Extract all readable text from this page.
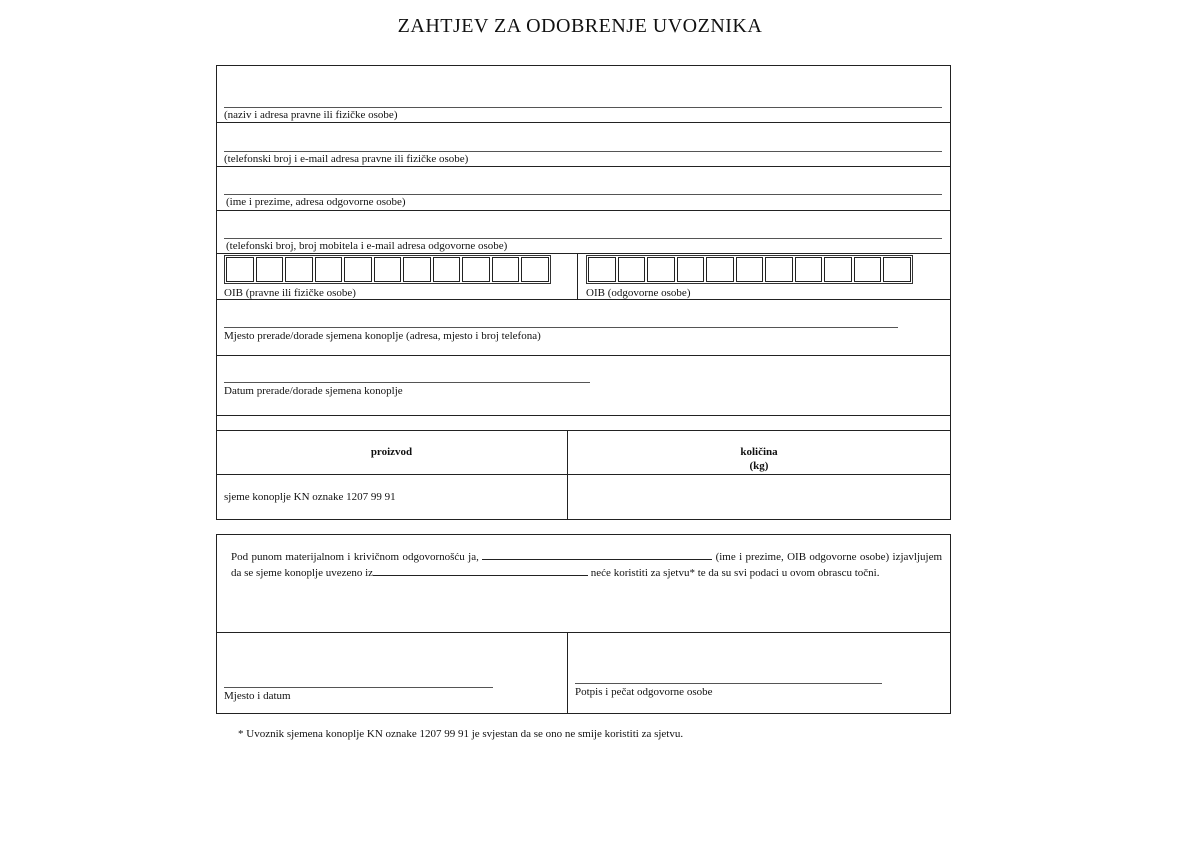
ZAHTJEV ZA ODOBRENJE UVOZNIKA
(naziv i adresa pravne ili fizičke osobe)
(telefonski broj i e-mail adresa pravne ili fizičke osobe)
(ime i prezime, adresa odgovorne osobe)
(telefonski broj, broj mobitela i e-mail adresa odgovorne osobe)
OIB (pravne ili fizičke osobe)	OIB (odgovorne osobe)
Mjesto prerade/dorade sjemena konoplje (adresa, mjesto i broj telefona)
Datum prerade/dorade sjemena konoplje
proizvod	količina
(kg)
sjeme konoplje KN oznake 1207 99 91
Pod punom materijalnom i krivičnom odgovornošću ja,	(ime i prezime, OIB odgovorne osobe) izjavljujem da se sjeme konoplje uvezeno iz	neće koristiti za sjetvu* te da su svi podaci u ovom obrascu točni.
Mjesto i datum	Potpis i pečat odgovorne osobe
* Uvoznik sjemena konoplje KN oznake 1207 99 91 je svjestan da se ono ne smije koristiti za sjetvu.
